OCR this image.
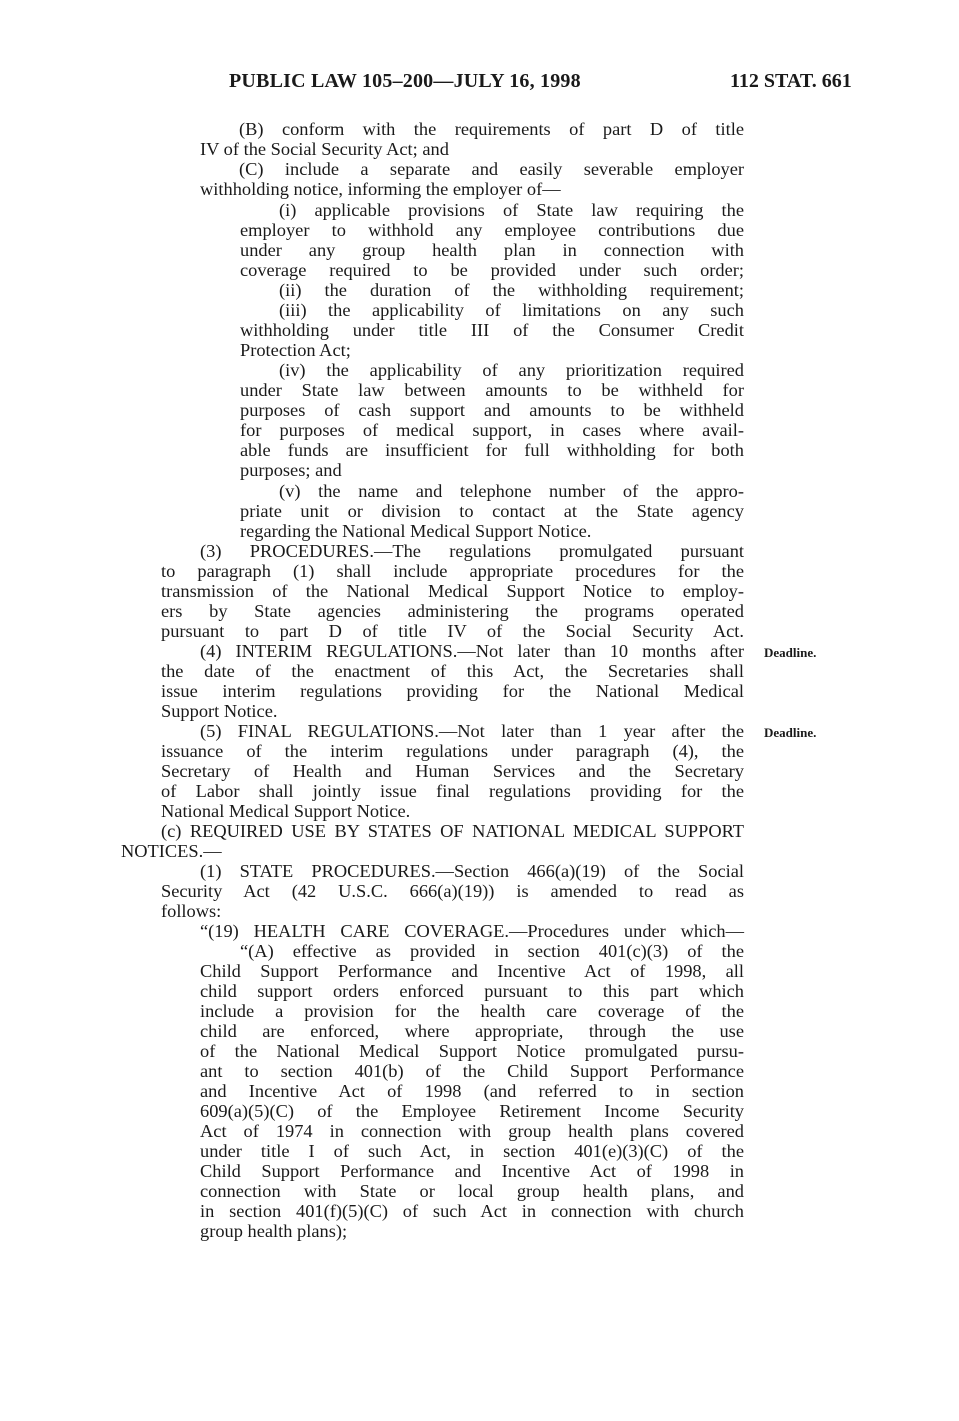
PUBLIC LAW 105–200—JULY 16, 1998	112 STAT. 661
(B) conform with the requirements of part D of title
IV of the Social Security Act; and
(C) include a separate and easily severable employer
withholding notice, informing the employer of—
(i) applicable provisions of State law requiring the
employer to withhold any employee contributions due
under any group health plan in connection with
coverage required to be provided under such order;
(ii) the duration of the withholding requirement;
(iii) the applicability of limitations on any such
withholding under title III of the Consumer Credit
Protection Act;
(iv) the applicability of any prioritization required
under State law between amounts to be withheld for
purposes of cash support and amounts to be withheld
for purposes of medical support, in cases where avail-
able funds are insufficient for full withholding for both
purposes; and
(v) the name and telephone number of the appro-
priate unit or division to contact at the State agency
regarding the National Medical Support Notice.
(3) PROCEDURES.—The regulations promulgated pursuant
to paragraph (1) shall include appropriate procedures for the
transmission of the National Medical Support Notice to employ-
ers by State agencies administering the programs operated
pursuant to part D of title IV of the Social Security Act.
(4) INTERIM REGULATIONS.—Not later than 10 months after
the date of the enactment of this Act, the Secretaries shall
issue interim regulations providing for the National Medical
Support Notice.
(5) FINAL REGULATIONS.—Not later than 1 year after the
issuance of the interim regulations under paragraph (4), the
Secretary of Health and Human Services and the Secretary
of Labor shall jointly issue final regulations providing for the
National Medical Support Notice.
(c) REQUIRED USE BY STATES OF NATIONAL MEDICAL SUPPORT
NOTICES.—
(1) STATE PROCEDURES.—Section 466(a)(19) of the Social
Security Act (42 U.S.C. 666(a)(19)) is amended to read as
follows:
“(19) HEALTH CARE COVERAGE.—Procedures under which—
“(A) effective as provided in section 401(c)(3) of the
Child Support Performance and Incentive Act of 1998, all
child support orders enforced pursuant to this part which
include a provision for the health care coverage of the
child are enforced, where appropriate, through the use
of the National Medical Support Notice promulgated pursu-
ant to section 401(b) of the Child Support Performance
and Incentive Act of 1998 (and referred to in section
609(a)(5)(C) of the Employee Retirement Income Security
Act of 1974 in connection with group health plans covered
under title I of such Act, in section 401(e)(3)(C) of the
Child Support Performance and Incentive Act of 1998 in
connection with State or local group health plans, and
in section 401(f)(5)(C) of such Act in connection with church
group health plans);
Deadline.
Deadline.
